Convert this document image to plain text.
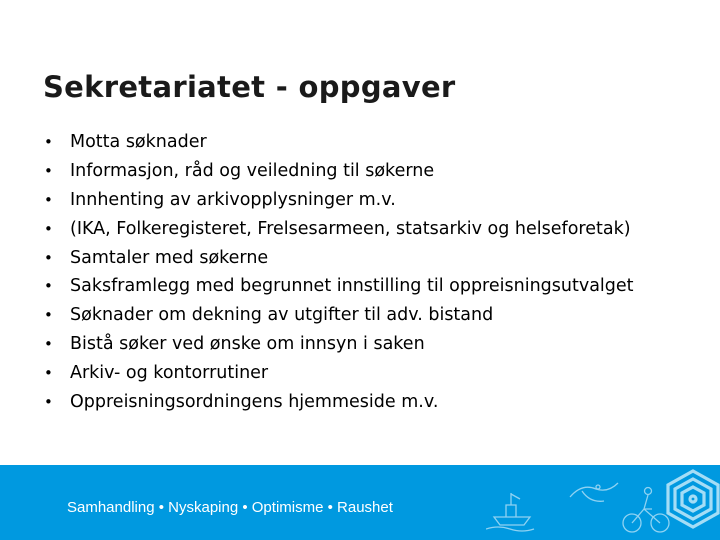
Sekretariatet - oppgaver
• Motta søknader
• Informasjon, råd og veiledning til søkerne
• Innhenting av arkivopplysninger m.v.
• (IKA, Folkeregisteret, Frelsesarmeen, statsarkiv og helseforetak)
• Samtaler med søkerne
• Saksframlegg med begrunnet innstilling til oppreisningsutvalget
• Søknader om dekning av utgifter til adv. bistand
• Bistå søker ved ønske om innsyn i saken
• Arkiv- og kontorrutiner
• Oppreisningsordningens hjemmeside m.v.
Samhandling • Nyskaping • Optimisme • Raushet
